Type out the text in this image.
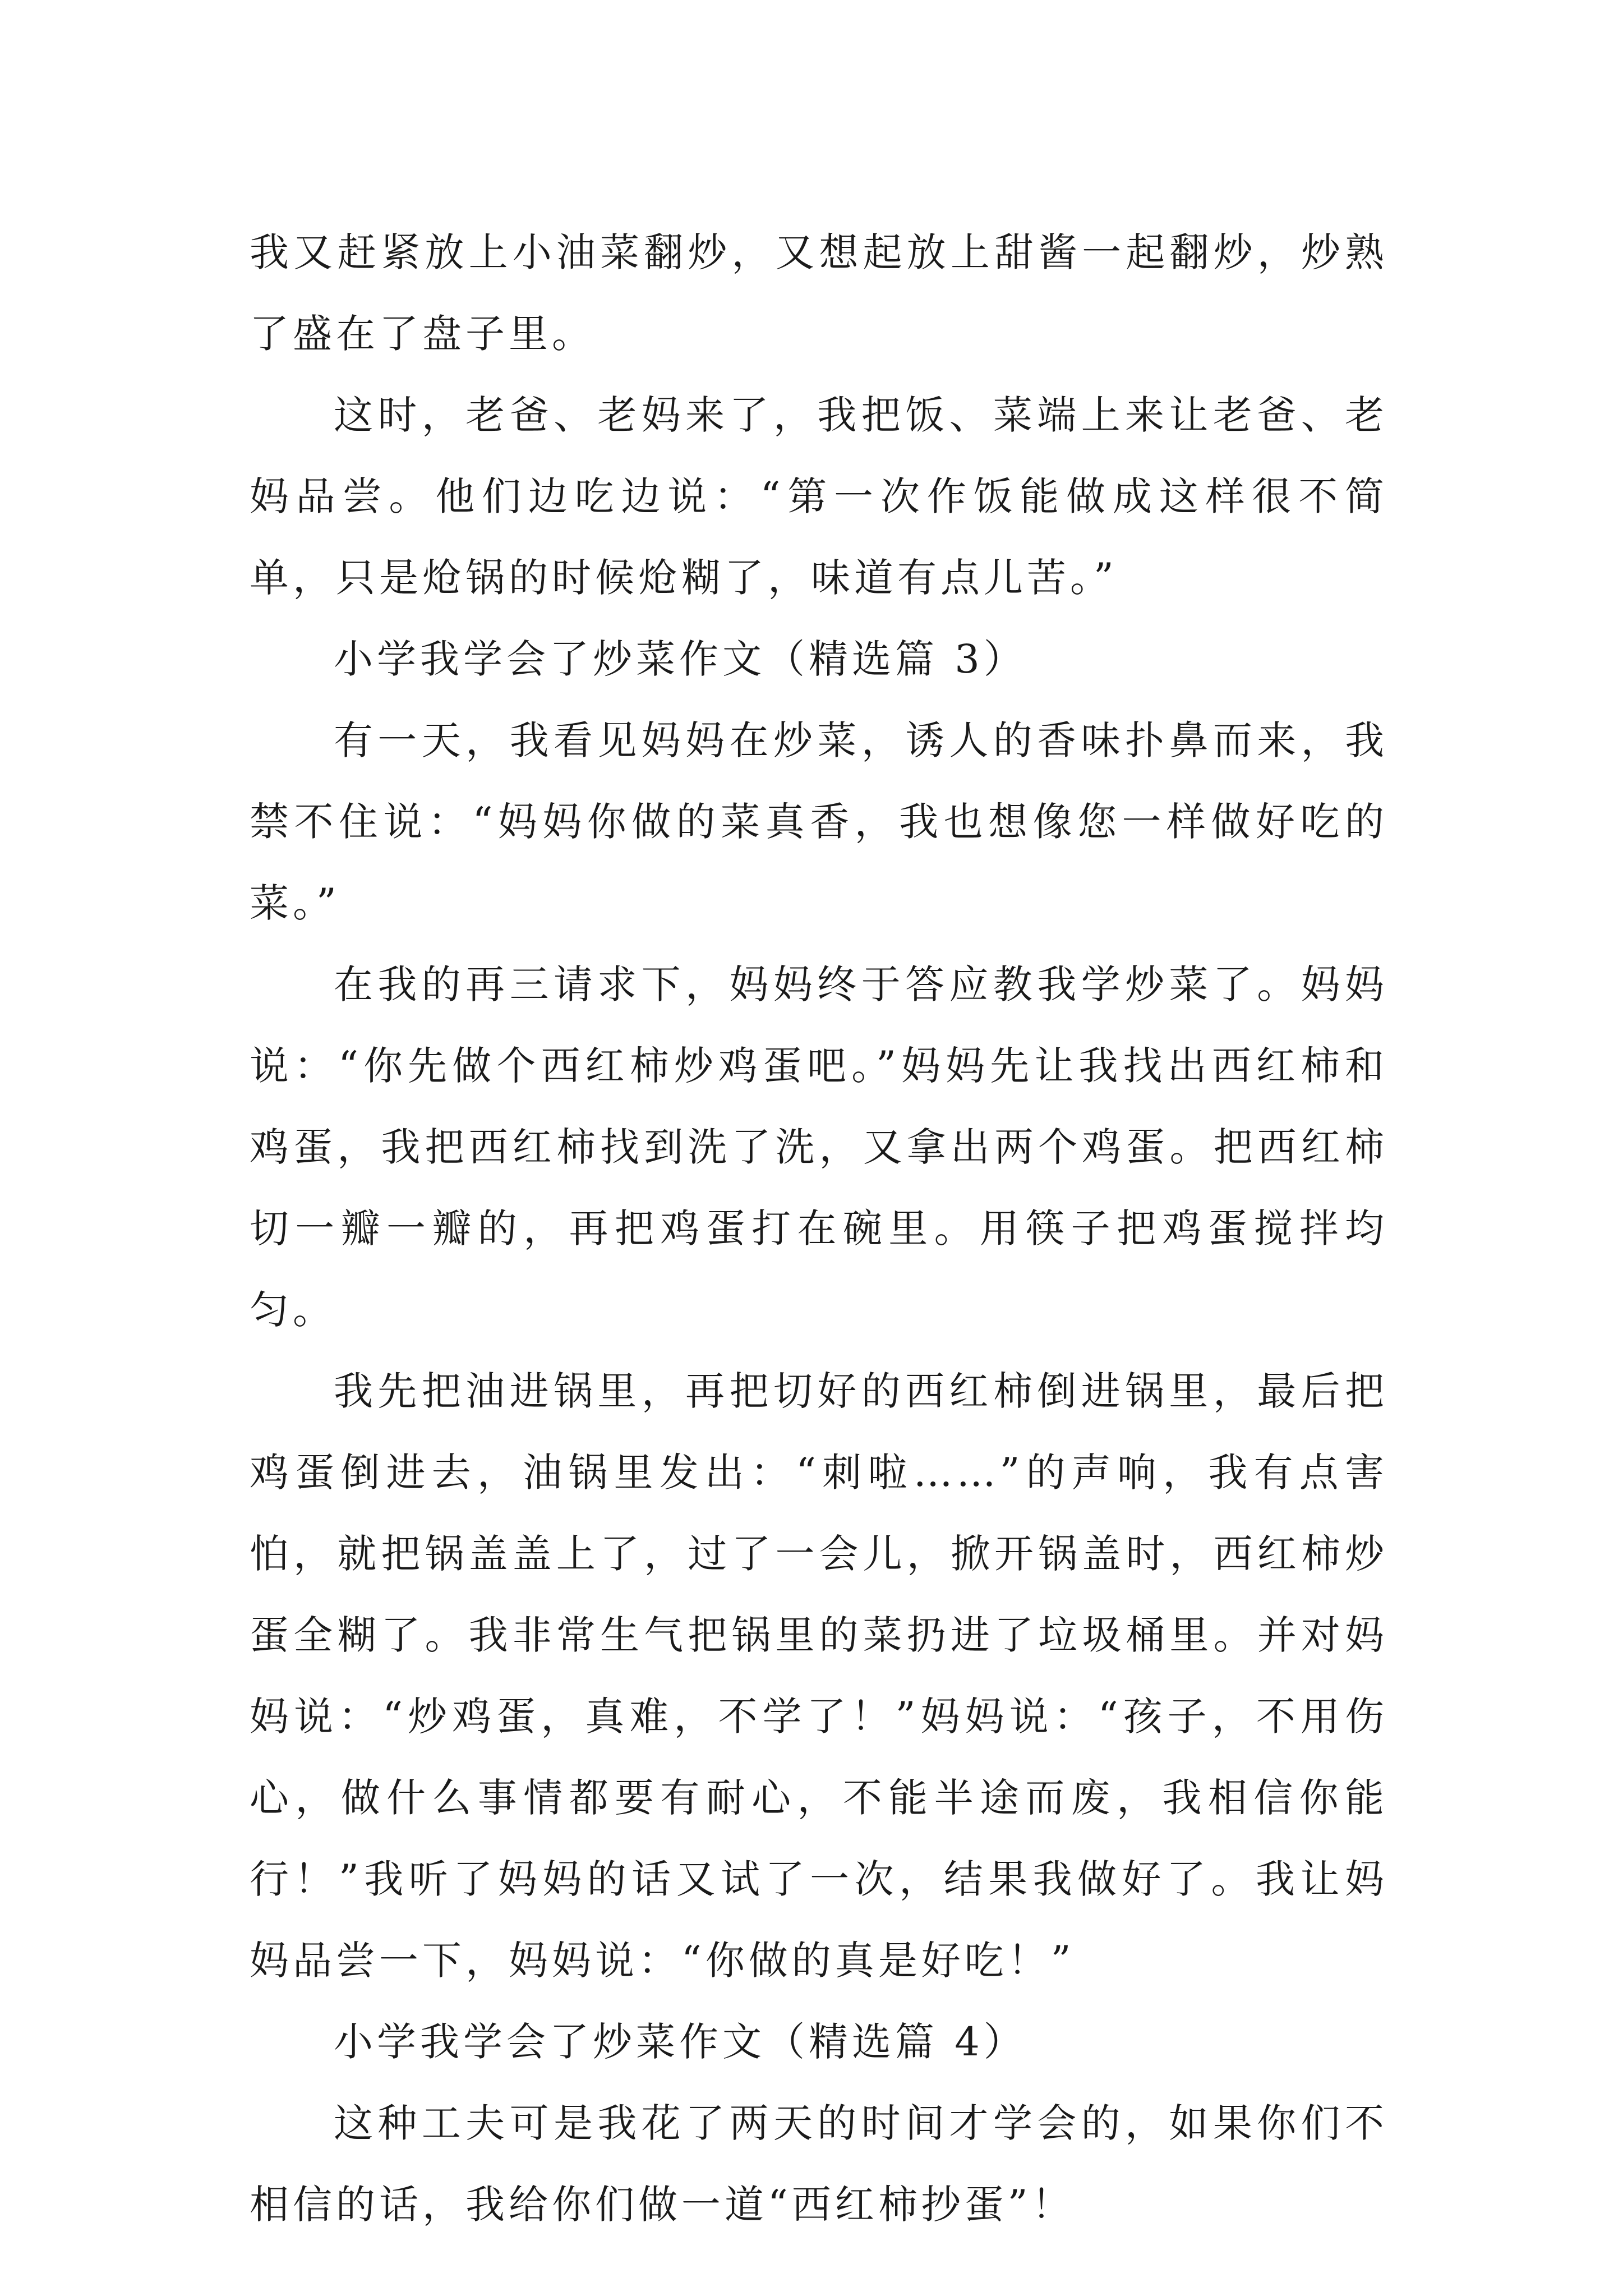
我又赶紧放上小油菜翻炒，又想起放上甜酱一起翻炒，炒熟了盛在了盘子里。

这时，老爸、老妈来了，我把饭、菜端上来让老爸、老妈品尝。他们边吃边说：“第一次作饭能做成这样很不简单，只是炝锅的时候炝糊了，味道有点儿苦。”

小学我学会了炒菜作文（精选篇 3）

有一天，我看见妈妈在炒菜，诱人的香味扑鼻而来，我禁不住说：“妈妈你做的菜真香，我也想像您一样做好吃的菜。”

在我的再三请求下，妈妈终于答应教我学炒菜了。妈妈说：“你先做个西红柿炒鸡蛋吧。”妈妈先让我找出西红柿和鸡蛋，我把西红柿找到洗了洗，又拿出两个鸡蛋。把西红柿切一瓣一瓣的，再把鸡蛋打在碗里。用筷子把鸡蛋搅拌均匀。

我先把油进锅里，再把切好的西红柿倒进锅里，最后把鸡蛋倒进去，油锅里发出：“刺啦……”的声响，我有点害怕，就把锅盖盖上了，过了一会儿，掀开锅盖时，西红柿炒蛋全糊了。我非常生气把锅里的菜扔进了垃圾桶里。并对妈妈说：“炒鸡蛋，真难，不学了！”妈妈说：“孩子，不用伤心，做什么事情都要有耐心，不能半途而废，我相信你能行！”我听了妈妈的话又试了一次，结果我做好了。我让妈妈品尝一下，妈妈说：“你做的真是好吃！”

小学我学会了炒菜作文（精选篇 4）

这种工夫可是我花了两天的时间才学会的，如果你们不相信的话，我给你们做一道“西红柿抄蛋”！
